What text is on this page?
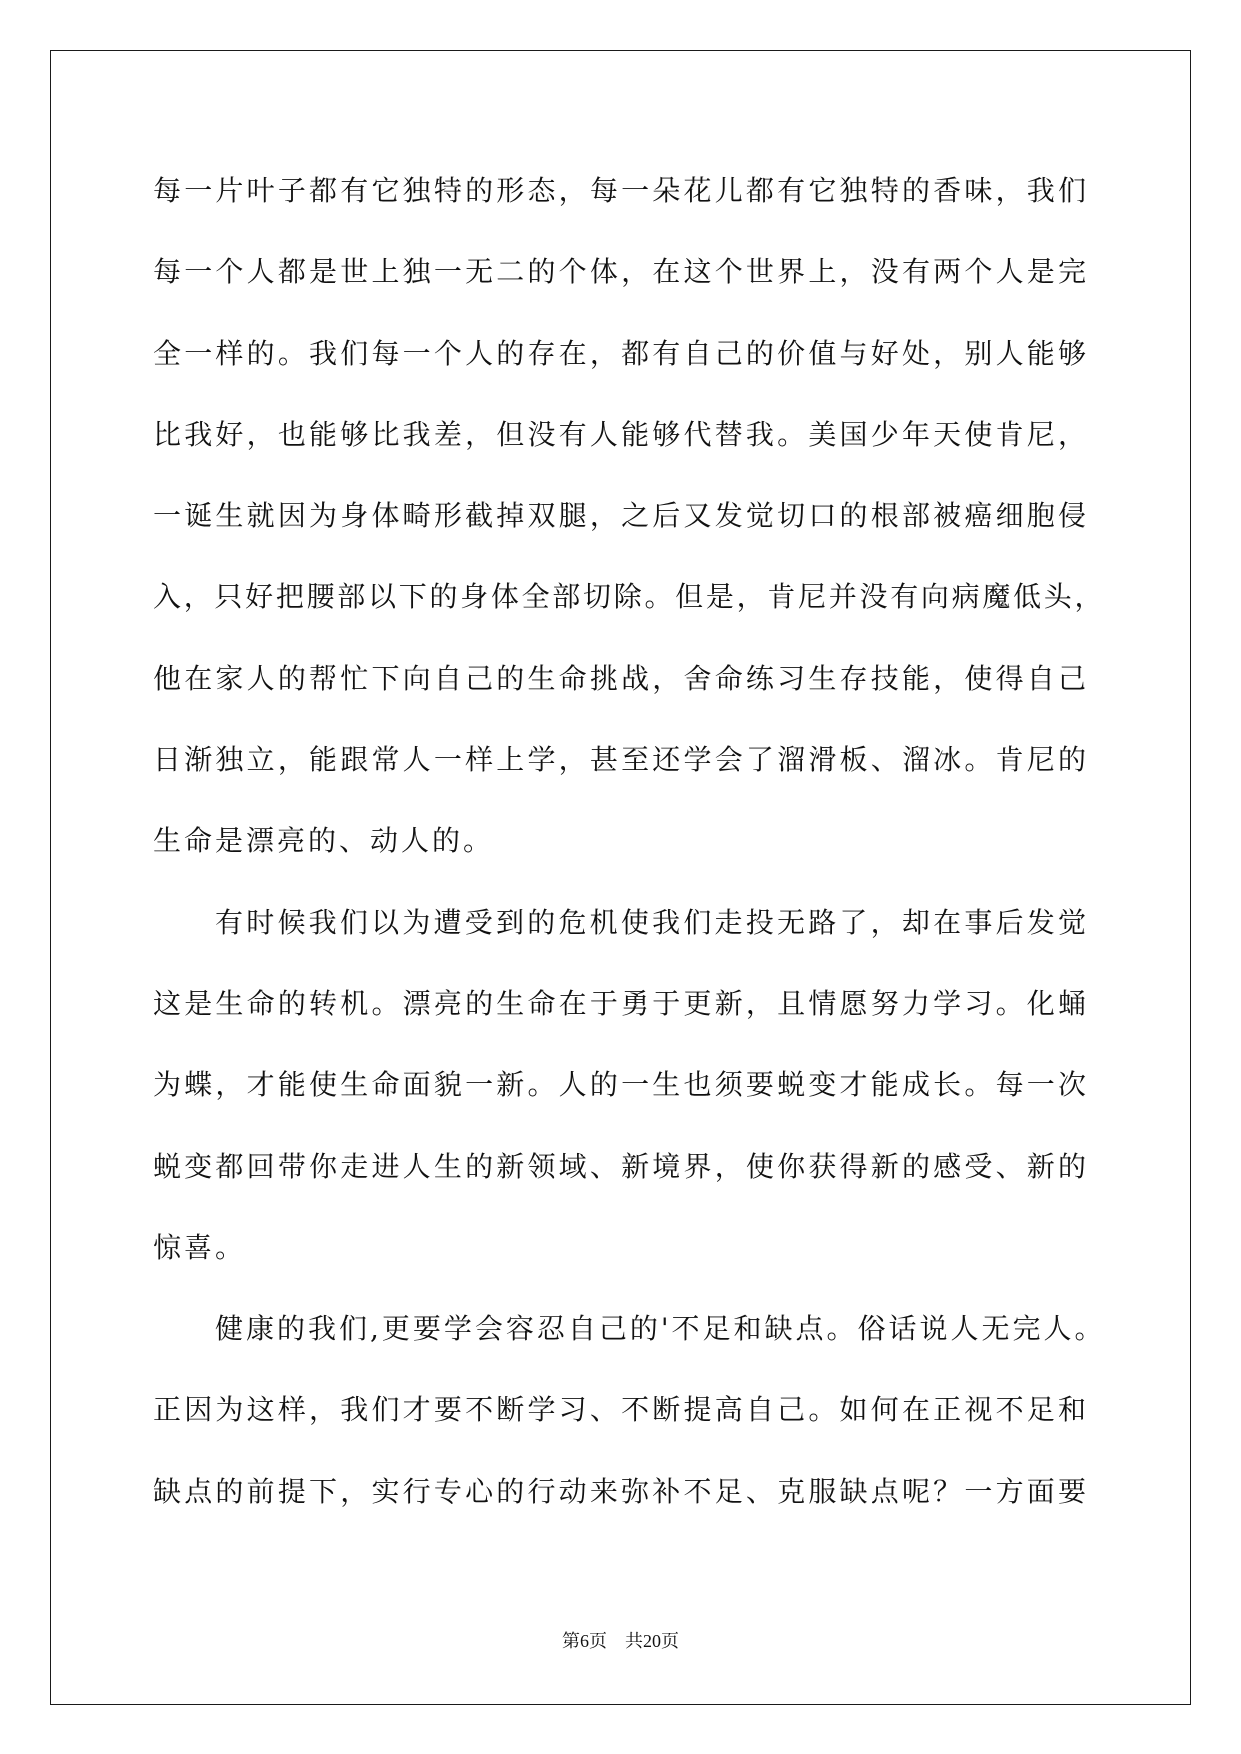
每一片叶子都有它独特的形态，每一朵花儿都有它独特的香味，我们
每一个人都是世上独一无二的个体，在这个世界上，没有两个人是完
全一样的。我们每一个人的存在，都有自己的价值与好处，别人能够
比我好，也能够比我差，但没有人能够代替我。美国少年天使肯尼，
一诞生就因为身体畸形截掉双腿，之后又发觉切口的根部被癌细胞侵
入，只好把腰部以下的身体全部切除。但是，肯尼并没有向病魔低头，
他在家人的帮忙下向自己的生命挑战，舍命练习生存技能，使得自己
日渐独立，能跟常人一样上学，甚至还学会了溜滑板、溜冰。肯尼的
生命是漂亮的、动人的。
有时候我们以为遭受到的危机使我们走投无路了，却在事后发觉
这是生命的转机。漂亮的生命在于勇于更新，且情愿努力学习。化蛹
为蝶，才能使生命面貌一新。人的一生也须要蜕变才能成长。每一次
蜕变都回带你走进人生的新领域、新境界，使你获得新的感受、新的
惊喜。
健康的我们,更要学会容忍自己的'不足和缺点。俗话说人无完人。
正因为这样，我们才要不断学习、不断提高自己。如何在正视不足和
缺点的前提下，实行专心的行动来弥补不足、克服缺点呢？一方面要
第6页 共20页
